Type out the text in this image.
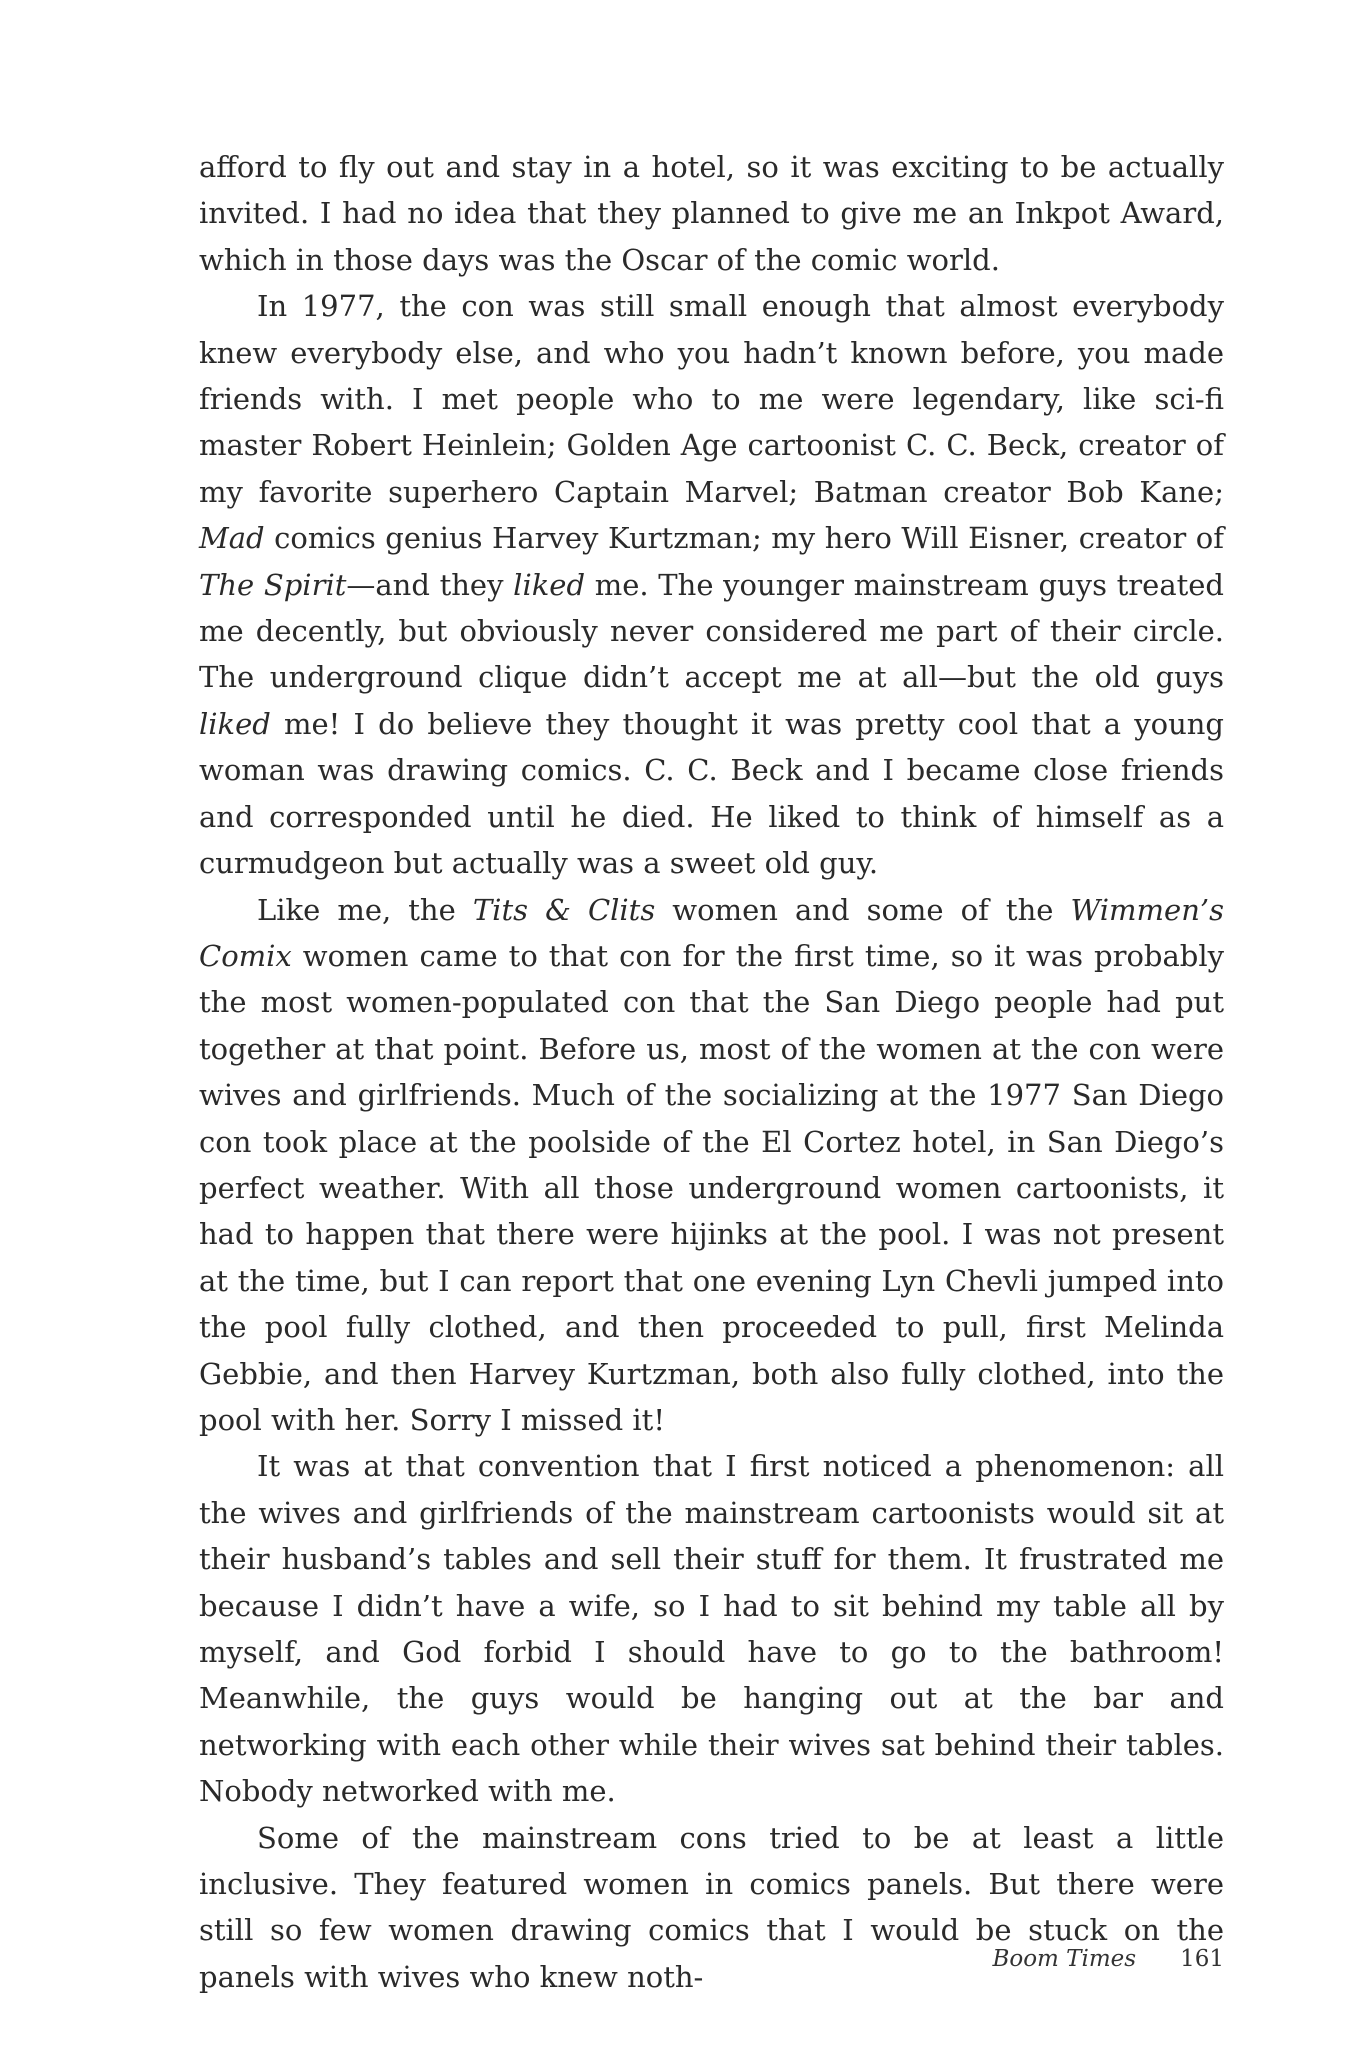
afford to fly out and stay in a hotel, so it was exciting to be actually invited. I had no idea that they planned to give me an Inkpot Award, which in those days was the Oscar of the comic world.

In 1977, the con was still small enough that almost everybody knew everybody else, and who you hadn’t known before, you made friends with. I met people who to me were legendary, like sci-fi master Robert Heinlein; Golden Age cartoonist C. C. Beck, creator of my favorite superhero Captain Marvel; Batman creator Bob Kane; Mad comics genius Harvey Kurtzman; my hero Will Eisner, creator of The Spirit—and they liked me. The younger mainstream guys treated me decently, but obviously never considered me part of their circle. The underground clique didn’t accept me at all—but the old guys liked me! I do believe they thought it was pretty cool that a young woman was drawing comics. C. C. Beck and I became close friends and corresponded until he died. He liked to think of himself as a curmudgeon but actually was a sweet old guy.

Like me, the Tits & Clits women and some of the Wimmen’s Comix women came to that con for the first time, so it was probably the most women-populated con that the San Diego people had put together at that point. Before us, most of the women at the con were wives and girlfriends. Much of the socializing at the 1977 San Diego con took place at the poolside of the El Cortez hotel, in San Diego’s perfect weather. With all those underground women cartoonists, it had to happen that there were hijinks at the pool. I was not present at the time, but I can report that one evening Lyn Chevli jumped into the pool fully clothed, and then proceeded to pull, first Melinda Gebbie, and then Harvey Kurtzman, both also fully clothed, into the pool with her. Sorry I missed it!

It was at that convention that I first noticed a phenomenon: all the wives and girlfriends of the mainstream cartoonists would sit at their husband’s tables and sell their stuff for them. It frustrated me because I didn’t have a wife, so I had to sit behind my table all by myself, and God forbid I should have to go to the bathroom! Meanwhile, the guys would be hanging out at the bar and networking with each other while their wives sat behind their tables. Nobody networked with me.

Some of the mainstream cons tried to be at least a little inclusive. They featured women in comics panels. But there were still so few women drawing comics that I would be stuck on the panels with wives who knew noth-

Boom Times 161
